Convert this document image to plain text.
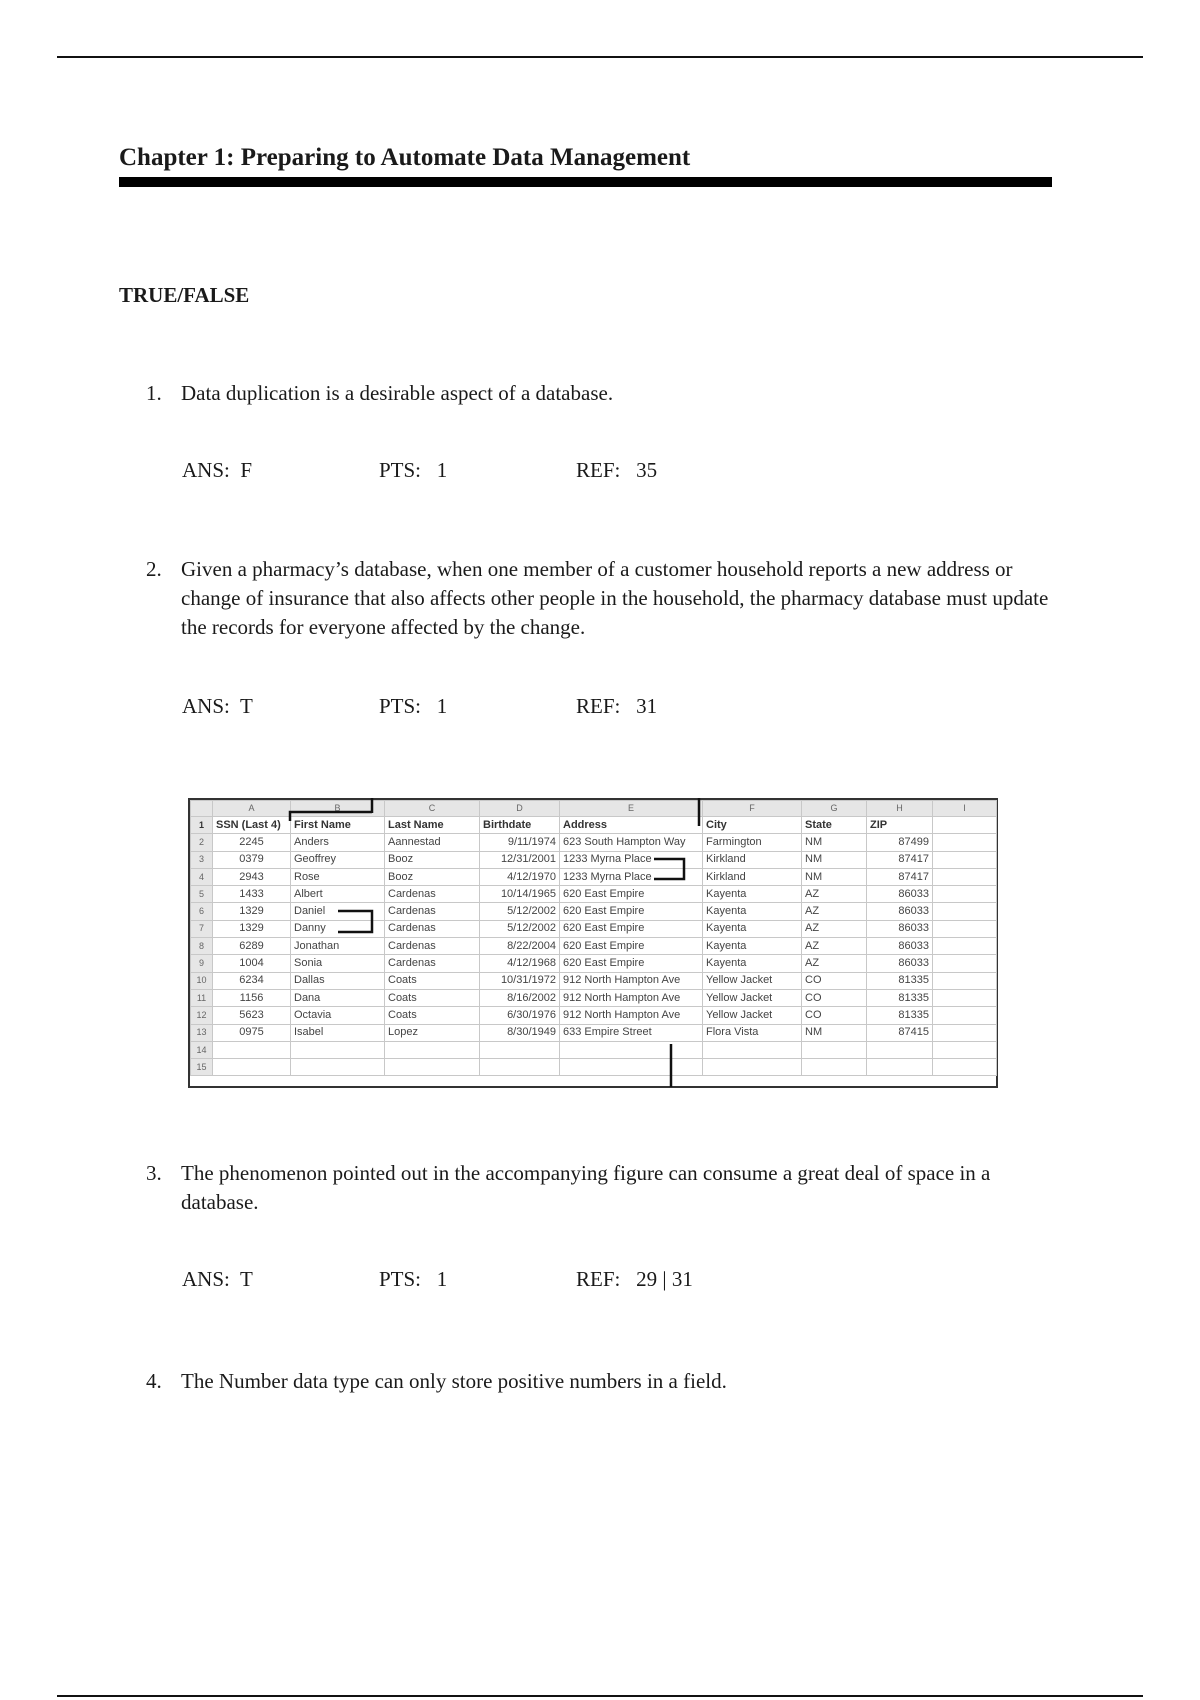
Chapter 1: Preparing to Automate Data Management
TRUE/FALSE
1. Data duplication is a desirable aspect of a database.

ANS: F

	PTS: 1

	REF: 35

2. Given a pharmacy’s database, when one member of a customer household reports a new address or change of insurance that also affects other people in the household, the pharmacy database must update the records for everyone affected by the change.

ANS: T

	PTS: 1

	REF: 31

	A	B	C	D	E	F	G	H	I
1	SSN (Last 4)	First Name	Last Name	Birthdate	Address	City	State	ZIP	
2	2245	Anders	Aannestad	9/11/1974	623 South Hampton Way	Farmington	NM	87499	
3	0379	Geoffrey	Booz	12/31/2001	1233 Myrna Place	Kirkland	NM	87417	
4	2943	Rose	Booz	4/12/1970	1233 Myrna Place	Kirkland	NM	87417	
5	1433	Albert	Cardenas	10/14/1965	620 East Empire	Kayenta	AZ	86033	
6	1329	Daniel	Cardenas	5/12/2002	620 East Empire	Kayenta	AZ	86033	
7	1329	Danny	Cardenas	5/12/2002	620 East Empire	Kayenta	AZ	86033	
8	6289	Jonathan	Cardenas	8/22/2004	620 East Empire	Kayenta	AZ	86033	
9	1004	Sonia	Cardenas	4/12/1968	620 East Empire	Kayenta	AZ	86033	
10	6234	Dallas	Coats	10/31/1972	912 North Hampton Ave	Yellow Jacket	CO	81335	
11	1156	Dana	Coats	8/16/2002	912 North Hampton Ave	Yellow Jacket	CO	81335	
12	5623	Octavia	Coats	6/30/1976	912 North Hampton Ave	Yellow Jacket	CO	81335	
13	0975	Isabel	Lopez	8/30/1949	633 Empire Street	Flora Vista	NM	87415	
14									
15									
3. The phenomenon pointed out in the accompanying figure can consume a great deal of space in a database.

ANS: T

	PTS: 1

	REF: 29 | 31

4. The Number data type can only store positive numbers in a field.
